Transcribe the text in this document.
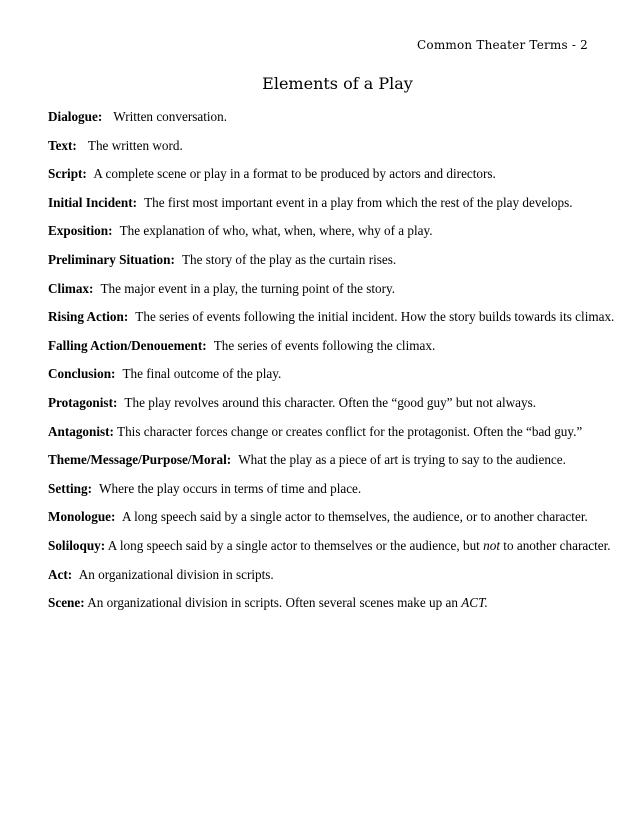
Common Theater Terms - 2
Elements of a Play
Dialogue: Written conversation.
Text: The written word.
Script: A complete scene or play in a format to be produced by actors and directors.
Initial Incident: The first most important event in a play from which the rest of the play develops.
Exposition: The explanation of who, what, when, where, why of a play.
Preliminary Situation: The story of the play as the curtain rises.
Climax: The major event in a play, the turning point of the story.
Rising Action: The series of events following the initial incident. How the story builds towards its climax.
Falling Action/Denouement: The series of events following the climax.
Conclusion: The final outcome of the play.
Protagonist: The play revolves around this character. Often the “good guy” but not always.
Antagonist: This character forces change or creates conflict for the protagonist. Often the “bad guy.”
Theme/Message/Purpose/Moral: What the play as a piece of art is trying to say to the audience.
Setting: Where the play occurs in terms of time and place.
Monologue: A long speech said by a single actor to themselves, the audience, or to another character.
Soliloquy: A long speech said by a single actor to themselves or the audience, but not to another character.
Act: An organizational division in scripts.
Scene: An organizational division in scripts. Often several scenes make up an ACT.
